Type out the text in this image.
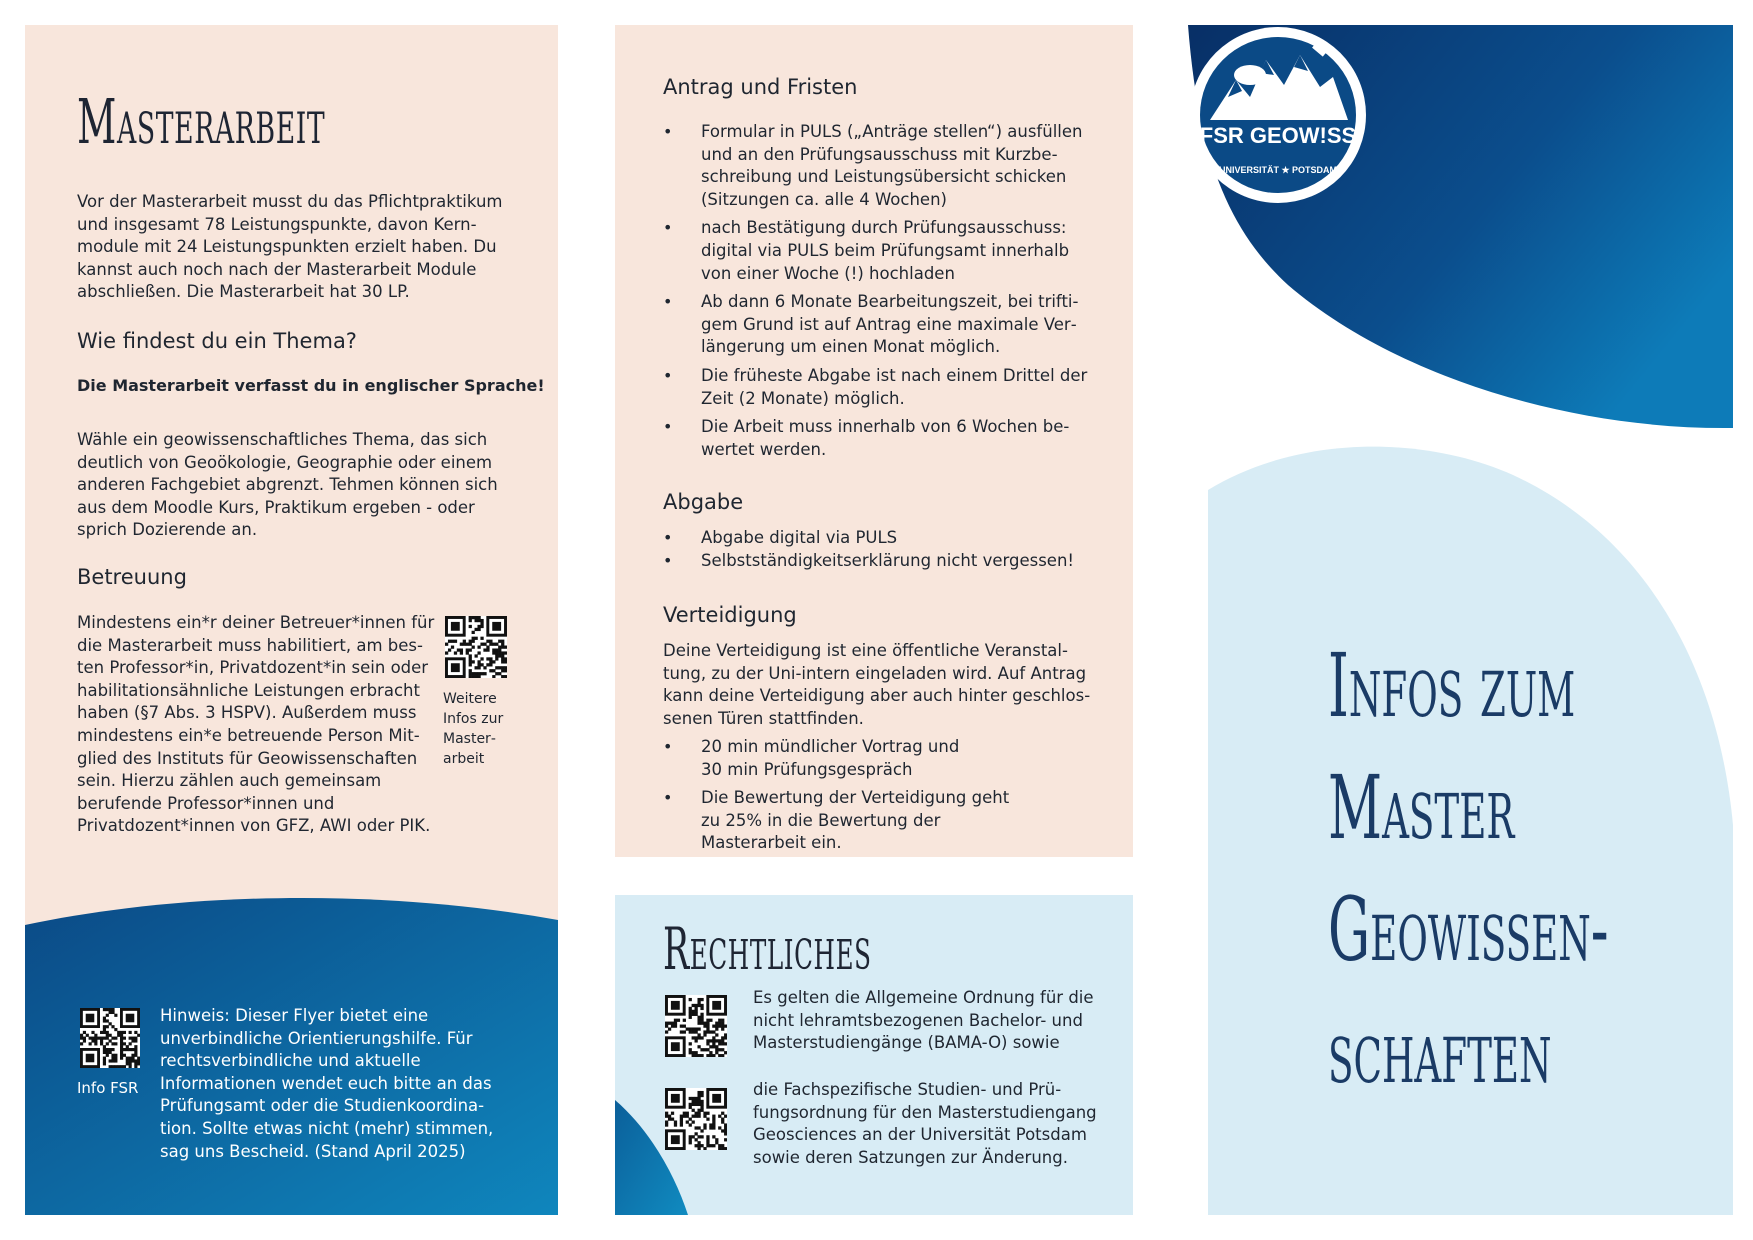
Masterarbeit

Vor der Masterarbeit musst du das Pflichtpraktikum und insgesamt 78 Leistungspunkte, davon Kernmodule mit 24 Leistungspunkten erzielt haben. Du kannst auch noch nach der Masterarbeit Module abschließen. Die Masterarbeit hat 30 LP.

Wie findest du ein Thema?

Die Masterarbeit verfasst du in englischer Sprache!

Wähle ein geowissenschaftliches Thema, das sich deutlich von Geoökologie, Geographie oder einem anderen Fachgebiet abgrenzt. Tehmen können sich aus dem Moodle Kurs, Praktikum ergeben - oder sprich Dozierende an.

Betreuung

Mindestens ein*r deiner Betreuer*innen für die Masterarbeit muss habilitiert, am besten Professor*in, Privatdozent*in sein oder habilitationsähnliche Leistungen erbracht haben (§7 Abs. 3 HSPV). Außerdem muss mindestens ein*e betreuende Person Mitglied des Instituts für Geowissenschaften sein. Hierzu zählen auch gemeinsam berufende Professor*innen und Privatdozent*innen von GFZ, AWI oder PIK.

Weitere Infos zur Masterarbeit
Info FSR

Hinweis: Dieser Flyer bietet eine unverbindliche Orientierungshilfe. Für rechtsverbindliche und aktuelle Informationen wendet euch bitte an das Prüfungsamt oder die Studienkoordination. Sollte etwas nicht (mehr) stimmen, sag uns Bescheid. (Stand April 2025)

Antrag und Fristen
• Formular in PULS („Anträge stellen“) ausfüllen und an den Prüfungsausschuss mit Kurzbeschreibung und Leistungsübersicht schicken (Sitzungen ca. alle 4 Wochen)
• nach Bestätigung durch Prüfungsausschuss: digital via PULS beim Prüfungsamt innerhalb von einer Woche (!) hochladen
• Ab dann 6 Monate Bearbeitungszeit, bei triftigem Grund ist auf Antrag eine maximale Verlängerung um einen Monat möglich.
• Die früheste Abgabe ist nach einem Drittel der Zeit (2 Monate) möglich.
• Die Arbeit muss innerhalb von 6 Wochen bewertet werden.
Abgabe
• Abgabe digital via PULS
• Selbstständigkeitserklärung nicht vergessen!
Verteidigung

Deine Verteidigung ist eine öffentliche Veranstaltung, zu der Uni-intern eingeladen wird. Auf Antrag kann deine Verteidigung aber auch hinter geschlossenen Türen stattfinden.

• 20 min mündlicher Vortrag und 30 min Prüfungsgespräch
• Die Bewertung der Verteidigung geht zu 25% in die Bewertung der Masterarbeit ein.
Rechtliches

Es gelten die Allgemeine Ordnung für die nicht lehramtsbezogenen Bachelor- und Masterstudiengänge (BAMA-O) sowie

die Fachspezifische Studien- und Prüfungsordnung für den Masterstudiengang Geosciences an der Universität Potsdam sowie deren Satzungen zur Änderung.

FSR GEOW!SS
UNIVERSITÄT ★ POTSDAM
Infos zum
Master
Geowissen-
schaften
